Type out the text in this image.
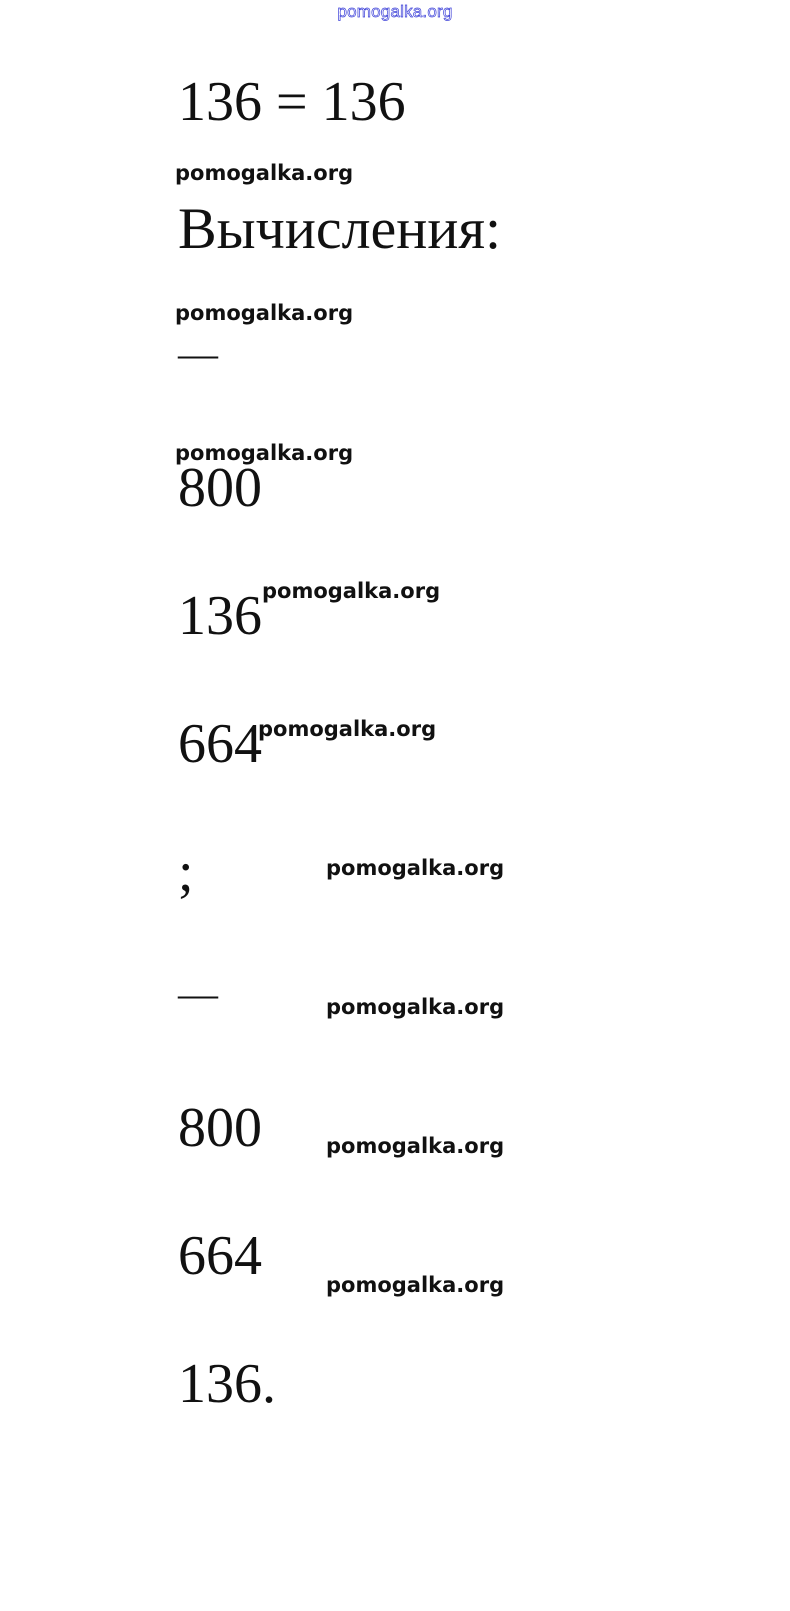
pomogalka.org
136 = 136
pomogalka.org
Вычисления:
pomogalka.org
—
pomogalka.org
800
136 pomogalka.org
664
pomogalka.org
;	pomogalka.org
—	pomogalka.org
800	pomogalka.org
664	pomogalka.org
136.
